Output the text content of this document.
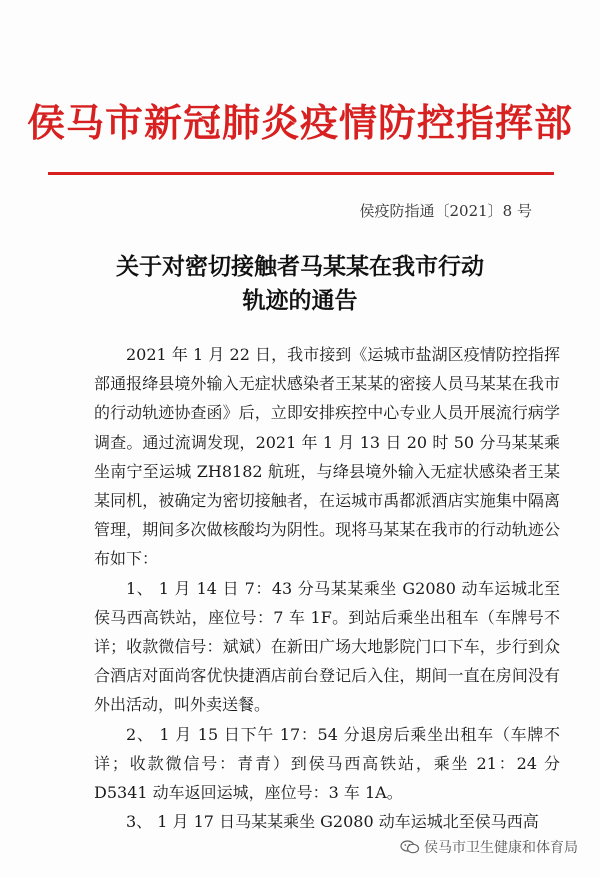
侯马市新冠肺炎疫情防控指挥部
侯疫防指通〔2021〕8 号
关于对密切接触者马某某在我市行动
轨迹的通告

2021 年 1 月 22 日，我市接到《运城市盐湖区疫情防控指挥部通报绛县境外输入无症状感染者王某某的密接人员马某某在我市的行动轨迹协查函》后，立即安排疾控中心专业人员开展流行病学调查。通过流调发现，2021 年 1 月 13 日 20 时 50 分马某某乘坐南宁至运城 ZH8182 航班，与绛县境外输入无症状感染者王某某同机，被确定为密切接触者，在运城市禹都派酒店实施集中隔离管理，期间多次做核酸均为阴性。现将马某某在我市的行动轨迹公布如下：

1、 1 月 14 日 7：43 分马某某乘坐 G2080 动车运城北至侯马西高铁站，座位号：7 车 1F。到站后乘坐出租车（车牌号不详；收款微信号：斌斌）在新田广场大地影院门口下车，步行到众合酒店对面尚客优快捷酒店前台登记后入住，期间一直在房间没有外出活动，叫外卖送餐。

2、 1 月 15 日下午 17：54 分退房后乘坐出租车（车牌不详；收款微信号：青青）到侯马西高铁站，乘坐 21：24 分 D5341 动车返回运城，座位号：3 车 1A。

3、 1 月 17 日马某某乘坐 G2080 动车运城北至侯马西高

侯马市卫生健康和体育局
